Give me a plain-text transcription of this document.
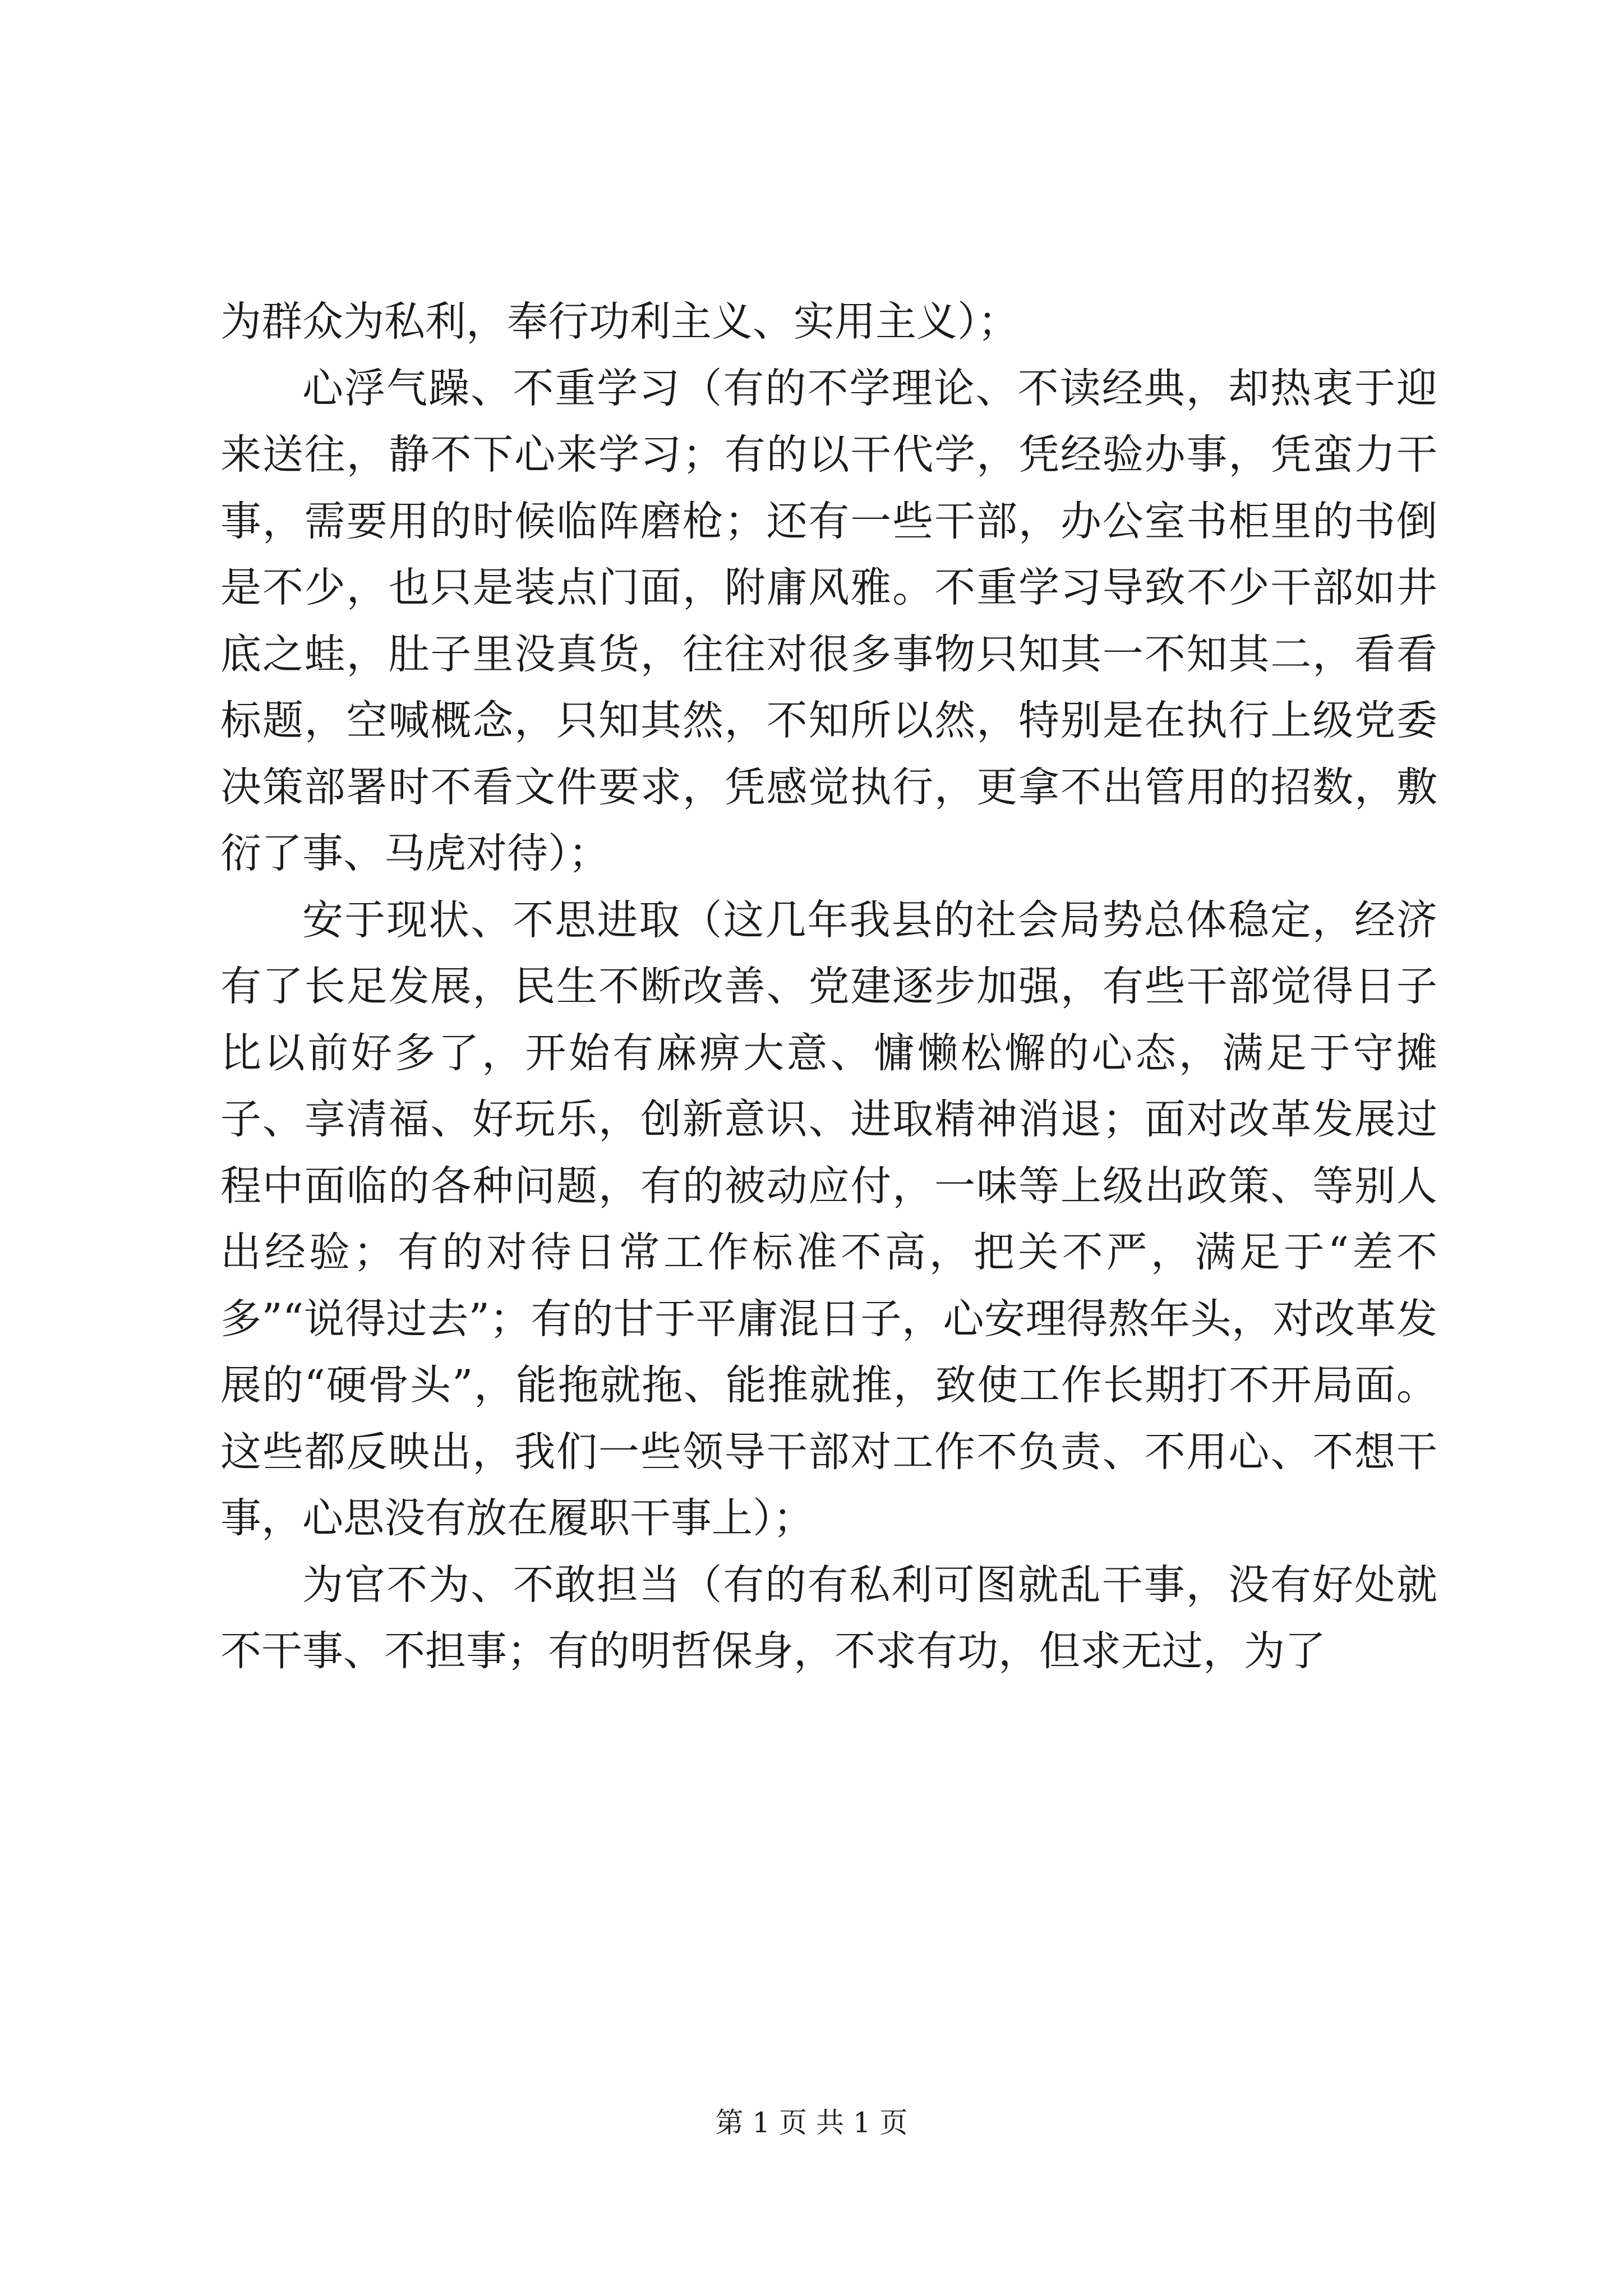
为群众为私利，奉行功利主义、实用主义）；

心浮气躁、不重学习（有的不学理论、不读经典，却热衷于迎来送往，静不下心来学习；有的以干代学，凭经验办事，凭蛮力干事，需要用的时候临阵磨枪；还有一些干部，办公室书柜里的书倒是不少，也只是装点门面，附庸风雅。不重学习导致不少干部如井底之蛙，肚子里没真货，往往对很多事物只知其一不知其二，看看标题，空喊概念，只知其然，不知所以然，特别是在执行上级党委决策部署时不看文件要求，凭感觉执行，更拿不出管用的招数，敷衍了事、马虎对待）；

安于现状、不思进取（这几年我县的社会局势总体稳定，经济有了长足发展，民生不断改善、党建逐步加强，有些干部觉得日子比以前好多了，开始有麻痹大意、慵懒松懈的心态，满足于守摊子、享清福、好玩乐，创新意识、进取精神消退；面对改革发展过程中面临的各种问题，有的被动应付，一味等上级出政策、等别人出经验；有的对待日常工作标准不高，把关不严，满足于“差不多”“说得过去”；有的甘于平庸混日子，心安理得熬年头，对改革发展的“硬骨头”，能拖就拖、能推就推，致使工作长期打不开局面。这些都反映出，我们一些领导干部对工作不负责、不用心、不想干事，心思没有放在履职干事上）；

为官不为、不敢担当（有的有私利可图就乱干事，没有好处就不干事、不担事；有的明哲保身，不求有功，但求无过，为了

第 1 页 共 1 页
